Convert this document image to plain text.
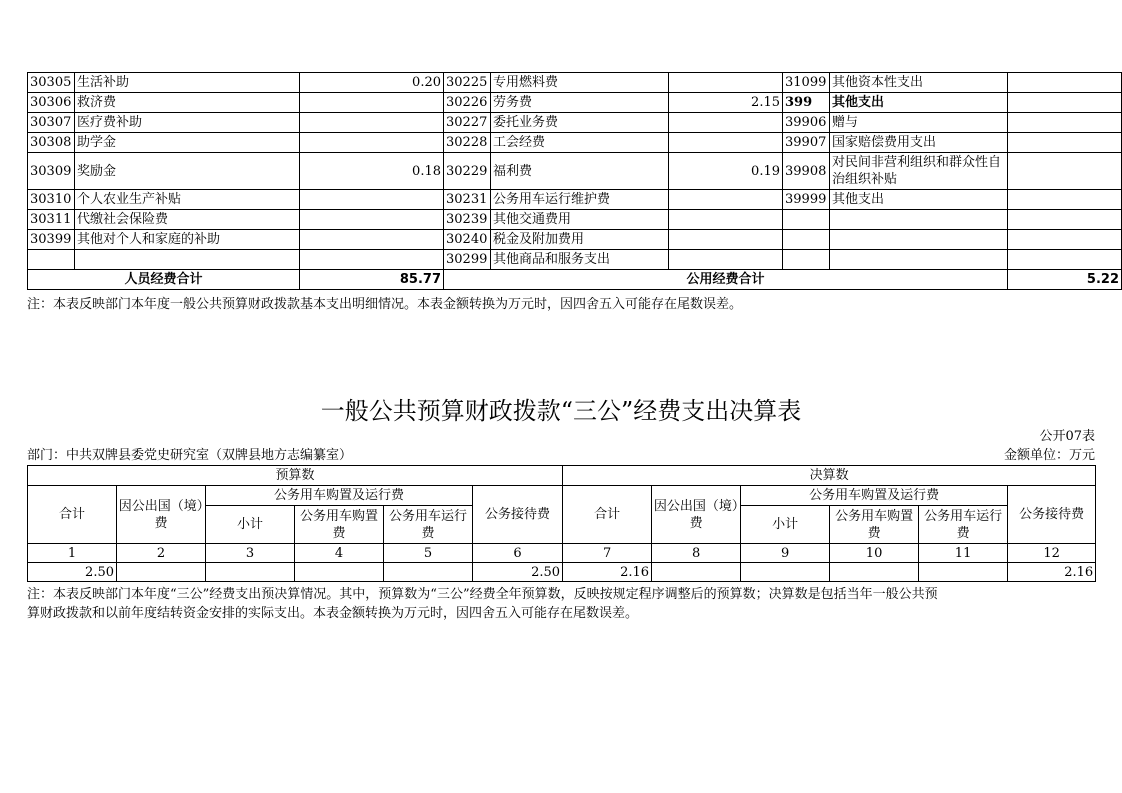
30305	生活补助	0.20	30225	专用燃料费		31099	其他资本性支出	
30306	救济费		30226	劳务费	2.15	399	其他支出	
30307	医疗费补助		30227	委托业务费		39906	赠与	
30308	助学金		30228	工会经费		39907	国家赔偿费用支出	
30309	奖励金	0.18	30229	福利费	0.19	39908	对民间非营利组织和群众性自治组织补贴	
30310	个人农业生产补贴		30231	公务用车运行维护费		39999	其他支出	
30311	代缴社会保险费		30239	其他交通费用				
30399	其他对个人和家庭的补助		30240	税金及附加费用				
			30299	其他商品和服务支出				
人员经费合计		85.77	公用经费合计					5.22
注：本表反映部门本年度一般公共预算财政拨款基本支出明细情况。本表金额转换为万元时，因四舍五入可能存在尾数误差。
一般公共预算财政拨款“三公”经费支出决算表
公开07表
部门：中共双牌县委党史研究室（双牌县地方志编纂室）	金额单位：万元
预算数						决算数					
合计	因公出国（境）费	公务用车购置及运行费			公务接待费	合计	因公出国（境）费	公务用车购置及运行费			公务接待费
		小计	公务用车购置费	公务用车运行费				小计	公务用车购置费	公务用车运行费	
1	2	3	4	5	6	7	8	9	10	11	12
2.50					2.50	2.16					2.16
注：本表反映部门本年度“三公”经费支出预决算情况。其中，预算数为“三公”经费全年预算数，反映按规定程序调整后的预算数；决算数是包括当年一般公共预
算财政拨款和以前年度结转资金安排的实际支出。本表金额转换为万元时，因四舍五入可能存在尾数误差。
